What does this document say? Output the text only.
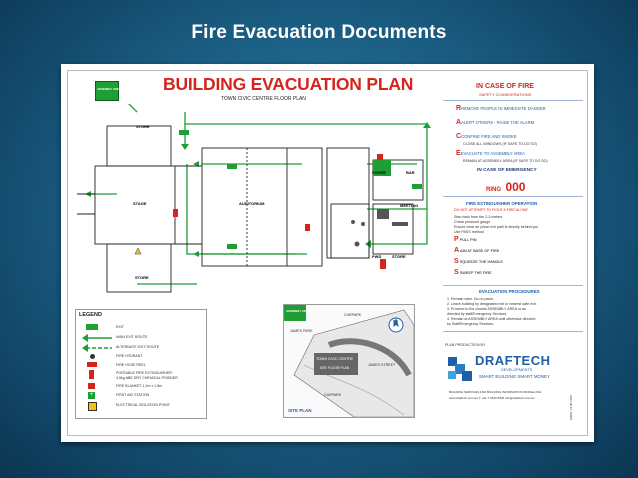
Fire Evacuation Documents
ASSEMBLY AREA BUILDING EVACUATION PLAN
TOWN CIVIC CENTRE FLOOR PLAN
STORE
STAGE	AUDITORIUM
STORE
FOYER	BAR
MEETING
PWD	STORE
IN CASE OF FIRE
SAFETY CONSIDERATIONS
RREMOVE PEOPLE IN IMMEDIATE DANGER
AALERT OTHERS - RAISE THE ALARM
CCONFINE FIRE AND SMOKE
CLOSE ALL WINDOWS (IF SAFE TO DO SO)
EEVACUATE TO ASSEMBLY AREA
REMAIN AT ASSEMBLY AREA (IF SAFE TO DO SO)
IN CASE OF EMERGENCY
RING 000
FIRE EXTINGUISHER OPERATION
DO NOT ATTEMPT TO FIGHT A FIRE ALONE
Step back from the 2-3 meters
Check pressure gauge
Ensure clear air (clear exit path is directly behind you
Use PASS method
P PULL PIN
A AIM AT BASE OF FIRE
S SQUEEZE THE HANDLE
S SWEEP THE FIRE
EVACUATION PROCEDURES
1. Remain calm. Do no panic.
2. Leave building by designated exit or nearest safe exit.
3. Proceed to the closest ASSEMBLY AREA or as
directed by staff/Emergency Services
4. Remain at ASSEMBLY AREA until otherwise directed
by Staff/Emergency Services.
LEGEND
EXIT
MAIN EXIT ROUTE
ALTERNATE EXIT ROUTE
FIRE HYDRANT
FIRE HOSE REEL
PORTABLE FIRE EXTINGUISHER
4.5kg ABE DRY CHEMICAL POWDER
FIRE BLANKET 1.2m x 1.8m
+	FIRST AID STATION
ELECTRICAL ISOLATION POINT
ASSEMBLY AREA
CARPARK
JAMES PARK
N
JAMES STREET
TOWN CIVIC CENTRE
SEE FLOOR PLAN
CARPARK
SITE PLAN
PLAN PRODUCTION BY
DRAFTECH
DEVELOPMENTS
SMART BUILDING SMART MONEY
BUILDING SERVICES AND BUILDING INFORMATION MODELLING
www.draftech.com.au T: +61 7 3420 6840 info@draftech.com.au	E0001 V4.00 2016
